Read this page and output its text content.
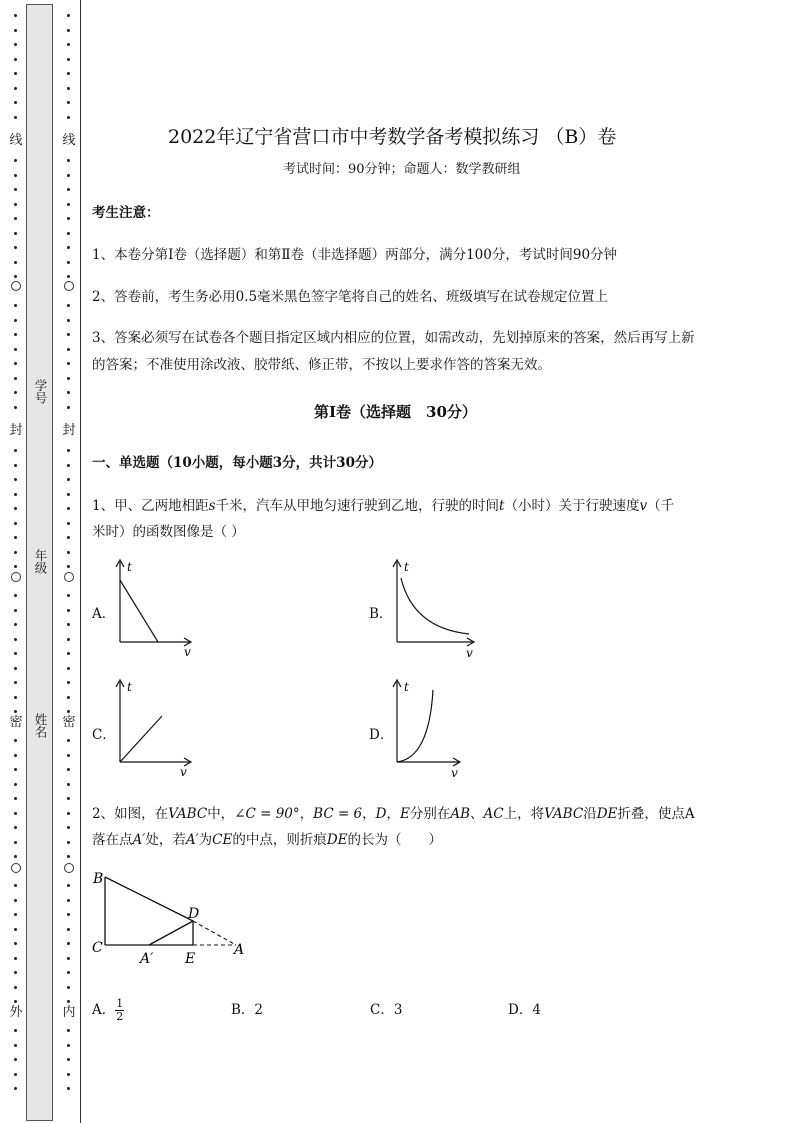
线
封
密
外
线
封
密
内
学号
年级
姓名
2022年辽宁省营口市中考数学备考模拟练习 （B）卷
考试时间：90分钟；命题人：数学教研组
考生注意：
1、本卷分第Ⅰ卷（选择题）和第Ⅱ卷（非选择题）两部分，满分100分，考试时间90分钟
2、答卷前，考生务必用0.5毫米黑色签字笔将自己的姓名、班级填写在试卷规定位置上
3、答案必须写在试卷各个题目指定区域内相应的位置，如需改动，先划掉原来的答案，然后再写上新
的答案；不准使用涂改液、胶带纸、修正带，不按以上要求作答的答案无效。
第Ⅰ卷（选择题　30分）
一、单选题（10小题，每小题3分，共计30分）
1、甲、乙两地相距s千米，汽车从甲地匀速行驶到乙地，行驶的时间t（小时）关于行驶速度v（千
米时）的函数图像是（ ）
A．	B．
C．	D．
t
v
t
v
t
v
t
v
2、如图，在VABC中，∠C = 90°，BC = 6，D，E分别在AB、AC上，将VABC沿DE折叠，使点A
落在点A′处，若A′为CE的中点，则折痕DE的长为（　　）
B
C
D
A
A′ E
A． $\frac{1}{2}$	B．2	C．3	D．4
